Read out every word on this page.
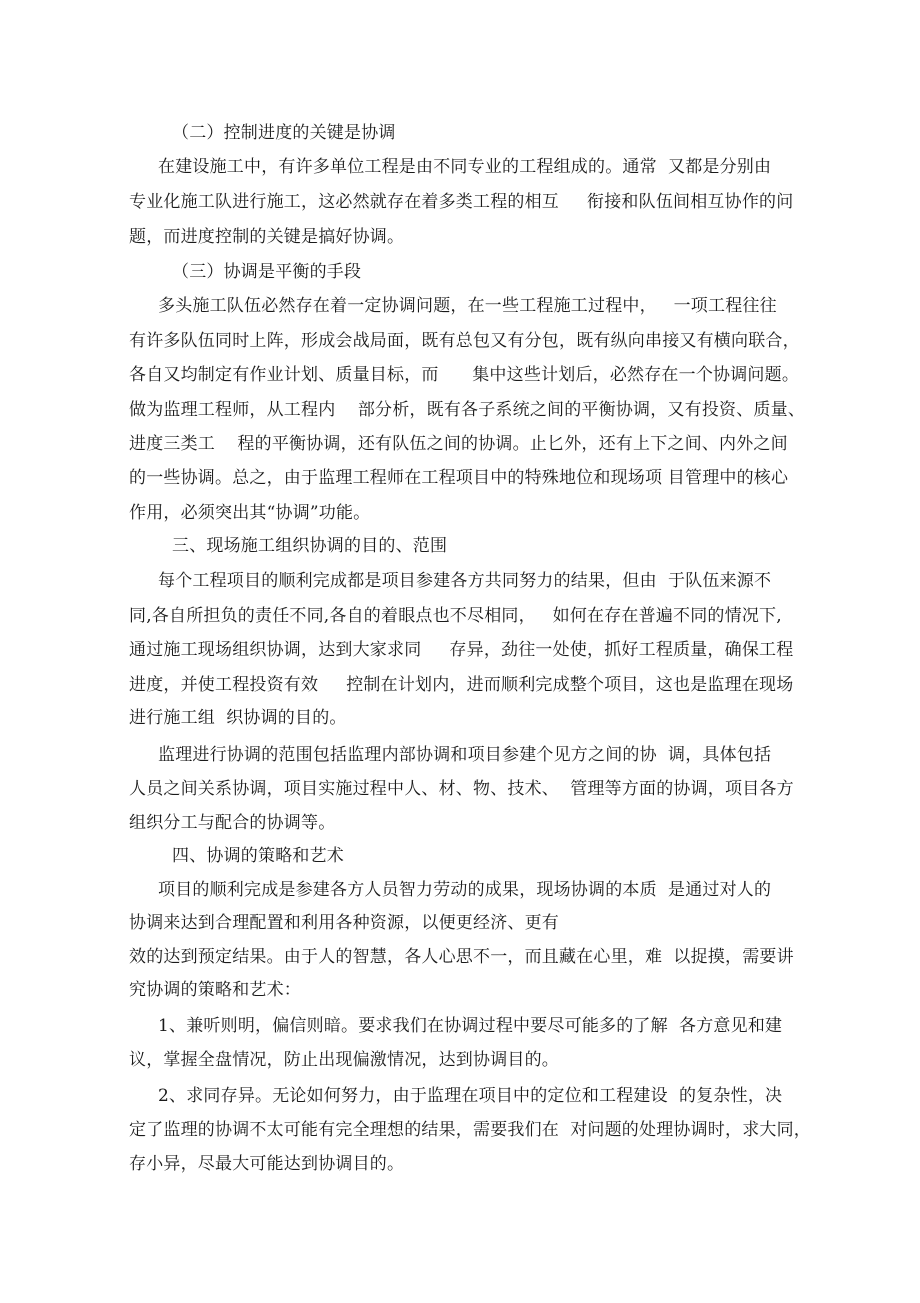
（二）控制进度的关键是协调
在建设施工中，有许多单位工程是由不同专业的工程组成的。通常  又都是分别由
专业化施工队进行施工，这必然就存在着多类工程的相互     衔接和队伍间相互协作的问
题，而进度控制的关键是搞好协调。
（三）协调是平衡的手段
多头施工队伍必然存在着一定协调问题，在一些工程施工过程中，   一项工程往往
有许多队伍同时上阵，形成会战局面，既有总包又有分包，既有纵向串接又有横向联合，
各自又均制定有作业计划、质量目标，而      集中这些计划后，必然存在一个协调问题。
做为监理工程师，从工程内    部分析，既有各子系统之间的平衡协调，又有投资、质量、
进度三类工    程的平衡协调，还有队伍之间的协调。止匕外，还有上下之间、内外之间
的一些协调。总之，由于监理工程师在工程项目中的特殊地位和现场项 目管理中的核心
作用，必须突出其“协调”功能。
三、现场施工组织协调的目的、范围
每个工程项目的顺利完成都是项目参建各方共同努力的结果，但由  于队伍来源不
同,各自所担负的责任不同,各自的着眼点也不尽相同，   如何在存在普遍不同的情况下,
通过施工现场组织协调，达到大家求同     存异，劲往一处使，抓好工程质量，确保工程
进度，并使工程投资有效     控制在计划内，进而顺利完成整个项目，这也是监理在现场
进行施工组  织协调的目的。
监理进行协调的范围包括监理内部协调和项目参建个见方之间的协  调，具体包括
人员之间关系协调，项目实施过程中人、材、物、技术、  管理等方面的协调，项目各方
组织分工与配合的协调等。
四、协调的策略和艺术
项目的顺利完成是参建各方人员智力劳动的成果，现场协调的本质  是通过对人的
协调来达到合理配置和利用各种资源，以便更经济、更有
效的达到预定结果。由于人的智慧，各人心思不一，而且藏在心里，难  以捉摸，需要讲
究协调的策略和艺术：
1、兼听则明，偏信则暗。要求我们在协调过程中要尽可能多的了解  各方意见和建
议，掌握全盘情况，防止出现偏激情况，达到协调目的。
2、求同存异。无论如何努力，由于监理在项目中的定位和工程建设  的复杂性，决
定了监理的协调不太可能有完全理想的结果，需要我们在  对问题的处理协调时，求大同，
存小异，尽最大可能达到协调目的。
